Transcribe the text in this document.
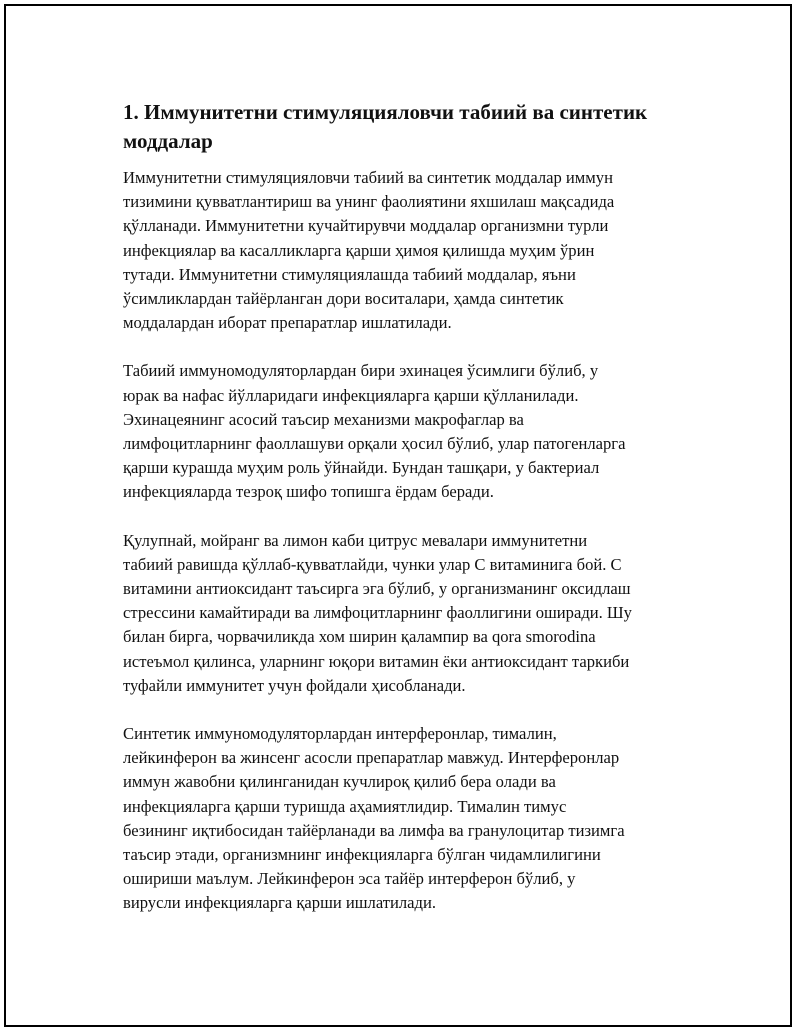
1. Иммунитетни стимуляцияловчи табиий ва синтетик
моддалар

Иммунитетни стимуляцияловчи табиий ва синтетик моддалар иммун
тизимини қувватлантириш ва унинг фаолиятини яхшилаш мақсадида
қўлланади. Иммунитетни кучайтирувчи моддалар организмни турли
инфекциялар ва касалликларга қарши ҳимоя қилишда муҳим ўрин
тутади. Иммунитетни стимуляциялашда табиий моддалар, яъни
ўсимликлардан тайёрланган дори воситалари, ҳамда синтетик
моддалардан иборат препаратлар ишлатилади.

Табиий иммуномодуляторлардан бири эхинацея ўсимлиги бўлиб, у
юрак ва нафас йўлларидаги инфекцияларга қарши қўлланилади.
Эхинацеянинг асосий таъсир механизми макрофаглар ва
лимфоцитларнинг фаоллашуви орқали ҳосил бўлиб, улар патогенларга
қарши курашда муҳим роль ўйнайди. Бундан ташқари, у бактериал
инфекцияларда тезроқ шифо топишга ёрдам беради.

Қулупнай, мойранг ва лимон каби цитрус мевалари иммунитетни
табиий равишда қўллаб-қувватлайди, чунки улар C витаминига бой. C
витамини антиоксидант таъсирга эга бўлиб, у организманинг оксидлаш
стрессини камайтиради ва лимфоцитларнинг фаоллигини оширади. Шу
билан бирга, чорвачиликда хом ширин қалампир ва qora smorodina
истеъмол қилинса, уларнинг юқори витамин ёки антиоксидант таркиби
туфайли иммунитет учун фойдали ҳисобланади.

Синтетик иммуномодуляторлардан интерферонлар, тималин,
лейкинферон ва жинсенг асосли препаратлар мавжуд. Интерферонлар
иммун жавобни қилинганидан кучлироқ қилиб бера олади ва
инфекцияларга қарши туришда аҳамиятлидир. Тималин тимус
безининг иқтибосидан тайёрланади ва лимфа ва гранулоцитар тизимга
таъсир этади, организмнинг инфекцияларга бўлган чидамлилигини
ошириши маълум. Лейкинферон эса тайёр интерферон бўлиб, у
вирусли инфекцияларга қарши ишлатилади.
